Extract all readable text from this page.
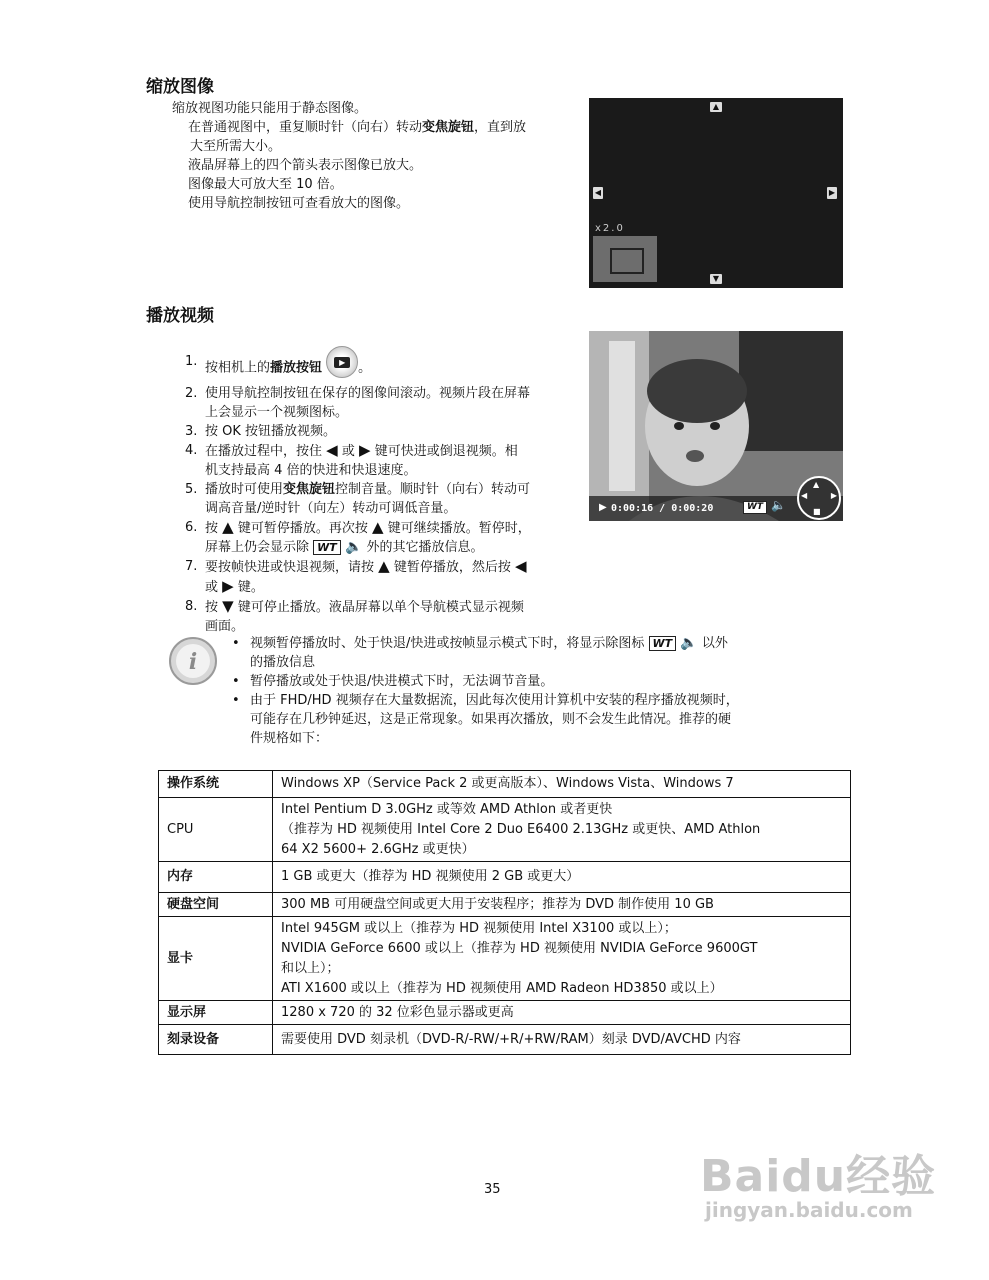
缩放图像
缩放视图功能只能用于静态图像。
在普通视图中，重复顺时针（向右）转动变焦旋钮，直到放
大至所需大小。
液晶屏幕上的四个箭头表示图像已放大。
图像最大可放大至 10 倍。
使用导航控制按钮可查看放大的图像。
▲
◀	▶
▼
x2.0
播放视频
1. 按相机上的播放按钮 ▶ 。
2. 使用导航控制按钮在保存的图像间滚动。视频片段在屏幕
上会显示一个视频图标。
3. 按 OK 按钮播放视频。
4. 在播放过程中，按住 ◀ 或 ▶ 键可快进或倒退视频。相
机支持最高 4 倍的快进和快退速度。
5. 播放时可使用变焦旋钮控制音量。顺时针（向右）转动可
调高音量/逆时针（向左）转动可调低音量。
6. 按 ▲ 键可暂停播放。再次按 ▲ 键可继续播放。暂停时，
屏幕上仍会显示除 WT 🔈 外的其它播放信息。
7. 要按帧快进或快退视频，请按 ▲ 键暂停播放，然后按 ◀
或 ▶ 键。
8. 按 ▼ 键可停止播放。液晶屏幕以单个导航模式显示视频
画面。
▶ 0:00:16 / 0:00:20	WT 🔈
▲
◀	▶
■
i
• 视频暂停播放时、处于快退/快进或按帧显示模式下时，将显示除图标 WT 🔈 以外
的播放信息
• 暂停播放或处于快退/快进模式下时，无法调节音量。
• 由于 FHD/HD 视频存在大量数据流，因此每次使用计算机中安装的程序播放视频时，
可能存在几秒钟延迟，这是正常现象。如果再次播放，则不会发生此情况。推荐的硬
件规格如下：
操作系统	Windows XP（Service Pack 2 或更高版本）、Windows Vista、Windows 7
CPU	Intel Pentium D 3.0GHz 或等效 AMD Athlon 或者更快
（推荐为 HD 视频使用 Intel Core 2 Duo E6400 2.13GHz 或更快、AMD Athlon
64 X2 5600+ 2.6GHz 或更快）

内存	1 GB 或更大（推荐为 HD 视频使用 2 GB 或更大）
硬盘空间	300 MB 可用硬盘空间或更大用于安装程序；推荐为 DVD 制作使用 10 GB
显卡	Intel 945GM 或以上（推荐为 HD 视频使用 Intel X3100 或以上）；
NVIDIA GeForce 6600 或以上（推荐为 HD 视频使用 NVIDIA GeForce 9600GT
和以上）；
ATI X1600 或以上（推荐为 HD 视频使用 AMD Radeon HD3850 或以上）

显示屏	1280 x 720 的 32 位彩色显示器或更高
刻录设备	需要使用 DVD 刻录机（DVD-R/-RW/+R/+RW/RAM）刻录 DVD/AVCHD 内容
35	Baidu经验
jingyan.baidu.com
